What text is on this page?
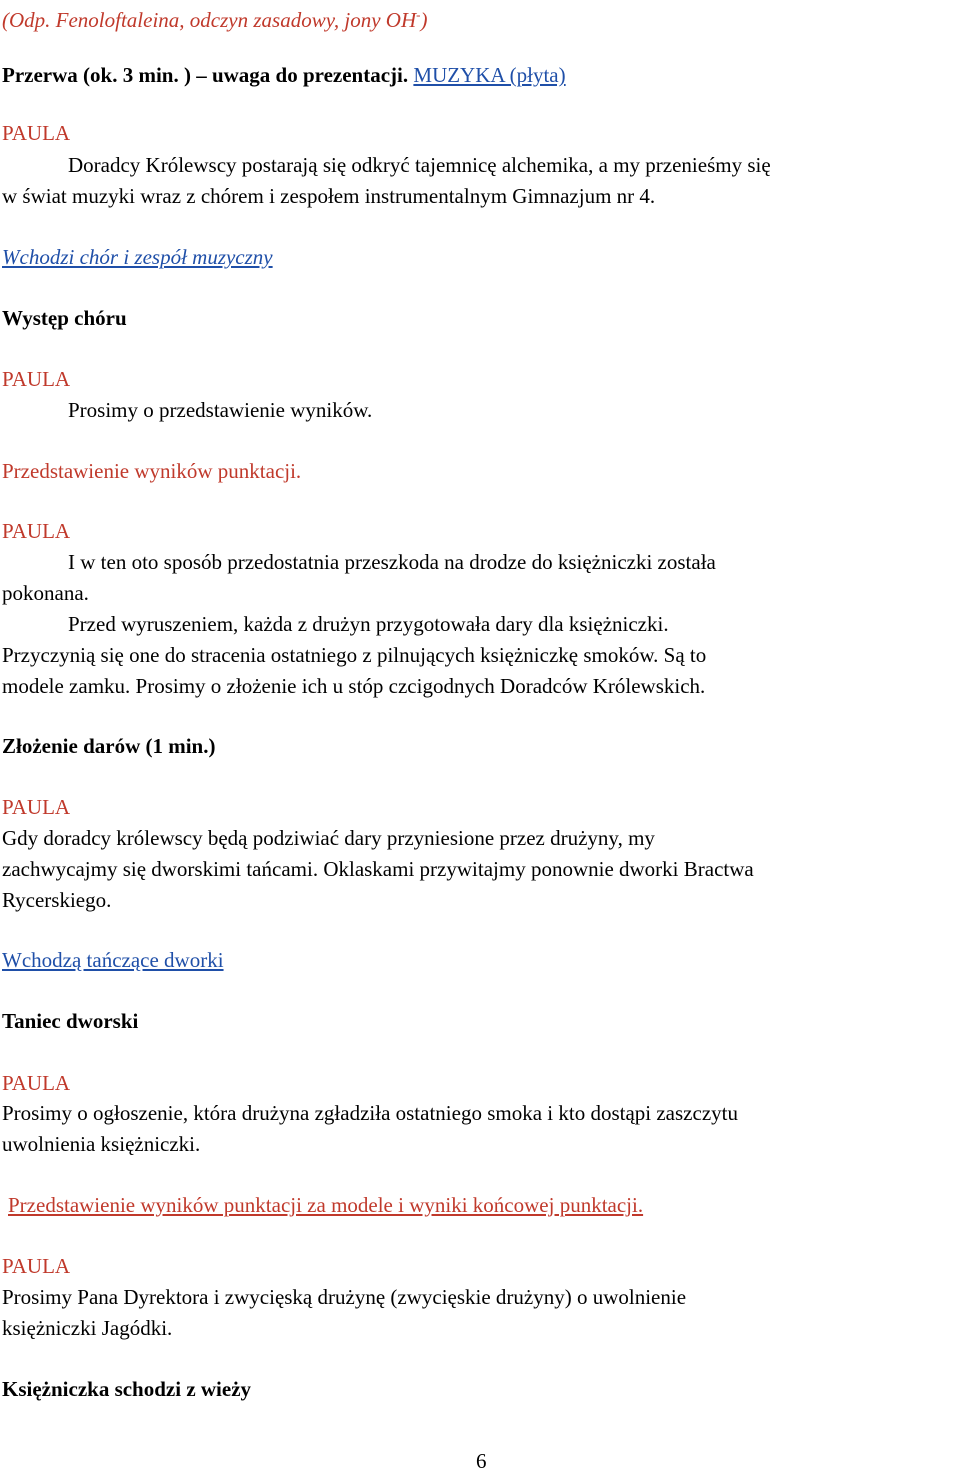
(Odp. Fenoloftaleina, odczyn zasadowy, jony OH-)
Przerwa (ok. 3 min. ) – uwaga do prezentacji. MUZYKA (płyta)
PAULA
Doradcy Królewscy postarają się odkryć tajemnicę alchemika, a my przenieśmy się
w świat muzyki wraz z chórem i zespołem instrumentalnym Gimnazjum nr 4.
Wchodzi chór i zespół muzyczny
Występ chóru
PAULA
Prosimy o przedstawienie wyników.
Przedstawienie wyników punktacji.
PAULA
I w ten oto sposób przedostatnia przeszkoda na drodze do księżniczki została
pokonana.
Przed wyruszeniem, każda z drużyn przygotowała dary dla księżniczki.
Przyczynią się one do stracenia ostatniego z pilnujących księżniczkę smoków. Są to
modele zamku. Prosimy o złożenie ich u stóp czcigodnych Doradców Królewskich.
Złożenie darów (1 min.)
PAULA
Gdy doradcy królewscy będą podziwiać dary przyniesione przez drużyny, my
zachwycajmy się dworskimi tańcami. Oklaskami przywitajmy ponownie dworki Bractwa
Rycerskiego.
Wchodzą tańczące dworki
Taniec dworski
PAULA
Prosimy o ogłoszenie, która drużyna zgładziła ostatniego smoka i kto dostąpi zaszczytu
uwolnienia księżniczki.
Przedstawienie wyników punktacji za modele i wyniki końcowej punktacji.
PAULA
Prosimy Pana Dyrektora i zwycięską drużynę (zwycięskie drużyny) o uwolnienie
księżniczki Jagódki.
Księżniczka schodzi z wieży
6
